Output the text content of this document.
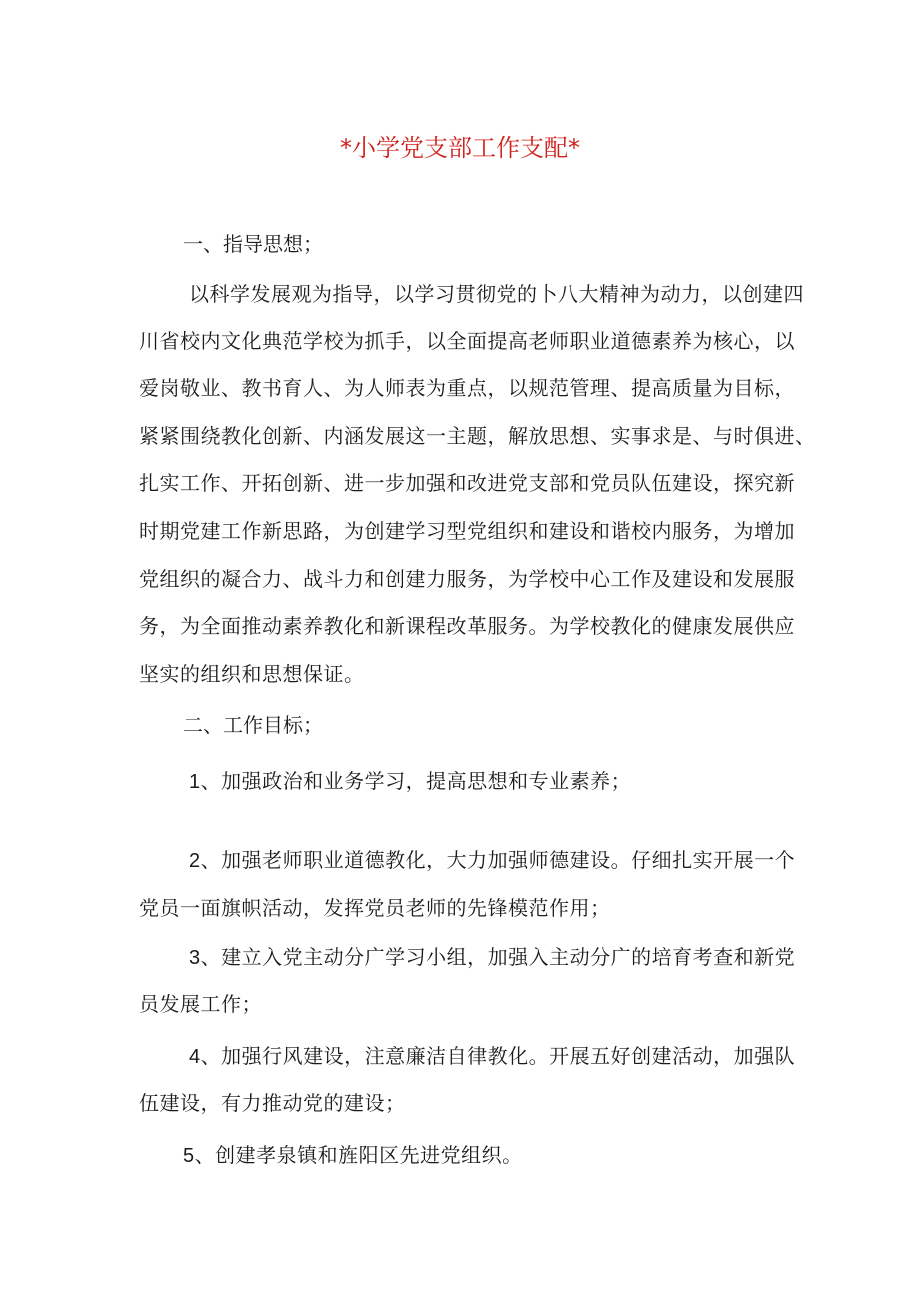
*小学党支部工作支配*
一、指导思想；
以科学发展观为指导，以学习贯彻党的卜八大精神为动力，以创建四
川省校内文化典范学校为抓手，以全面提高老师职业道德素养为核心，以
爱岗敬业、教书育人、为人师表为重点，以规范管理、提高质量为目标，
紧紧围绕教化创新、内涵发展这一主题，解放思想、实事求是、与时俱进、
扎实工作、开拓创新、进一步加强和改进党支部和党员队伍建设，探究新
时期党建工作新思路，为创建学习型党组织和建设和谐校内服务，为增加
党组织的凝合力、战斗力和创建力服务，为学校中心工作及建设和发展服
务，为全面推动素养教化和新课程改革服务。为学校教化的健康发展供应
坚实的组织和思想保证。
二、工作目标；
1、加强政治和业务学习，提高思想和专业素养；
2、加强老师职业道德教化，大力加强师德建设。仔细扎实开展一个
党员一面旗帜活动，发挥党员老师的先锋模范作用；
3、建立入党主动分广学习小组，加强入主动分广的培育考查和新党
员发展工作；
4、加强行风建设，注意廉洁自律教化。开展五好创建活动，加强队
伍建设，有力推动党的建设；
5、创建孝泉镇和旌阳区先进党组织。
